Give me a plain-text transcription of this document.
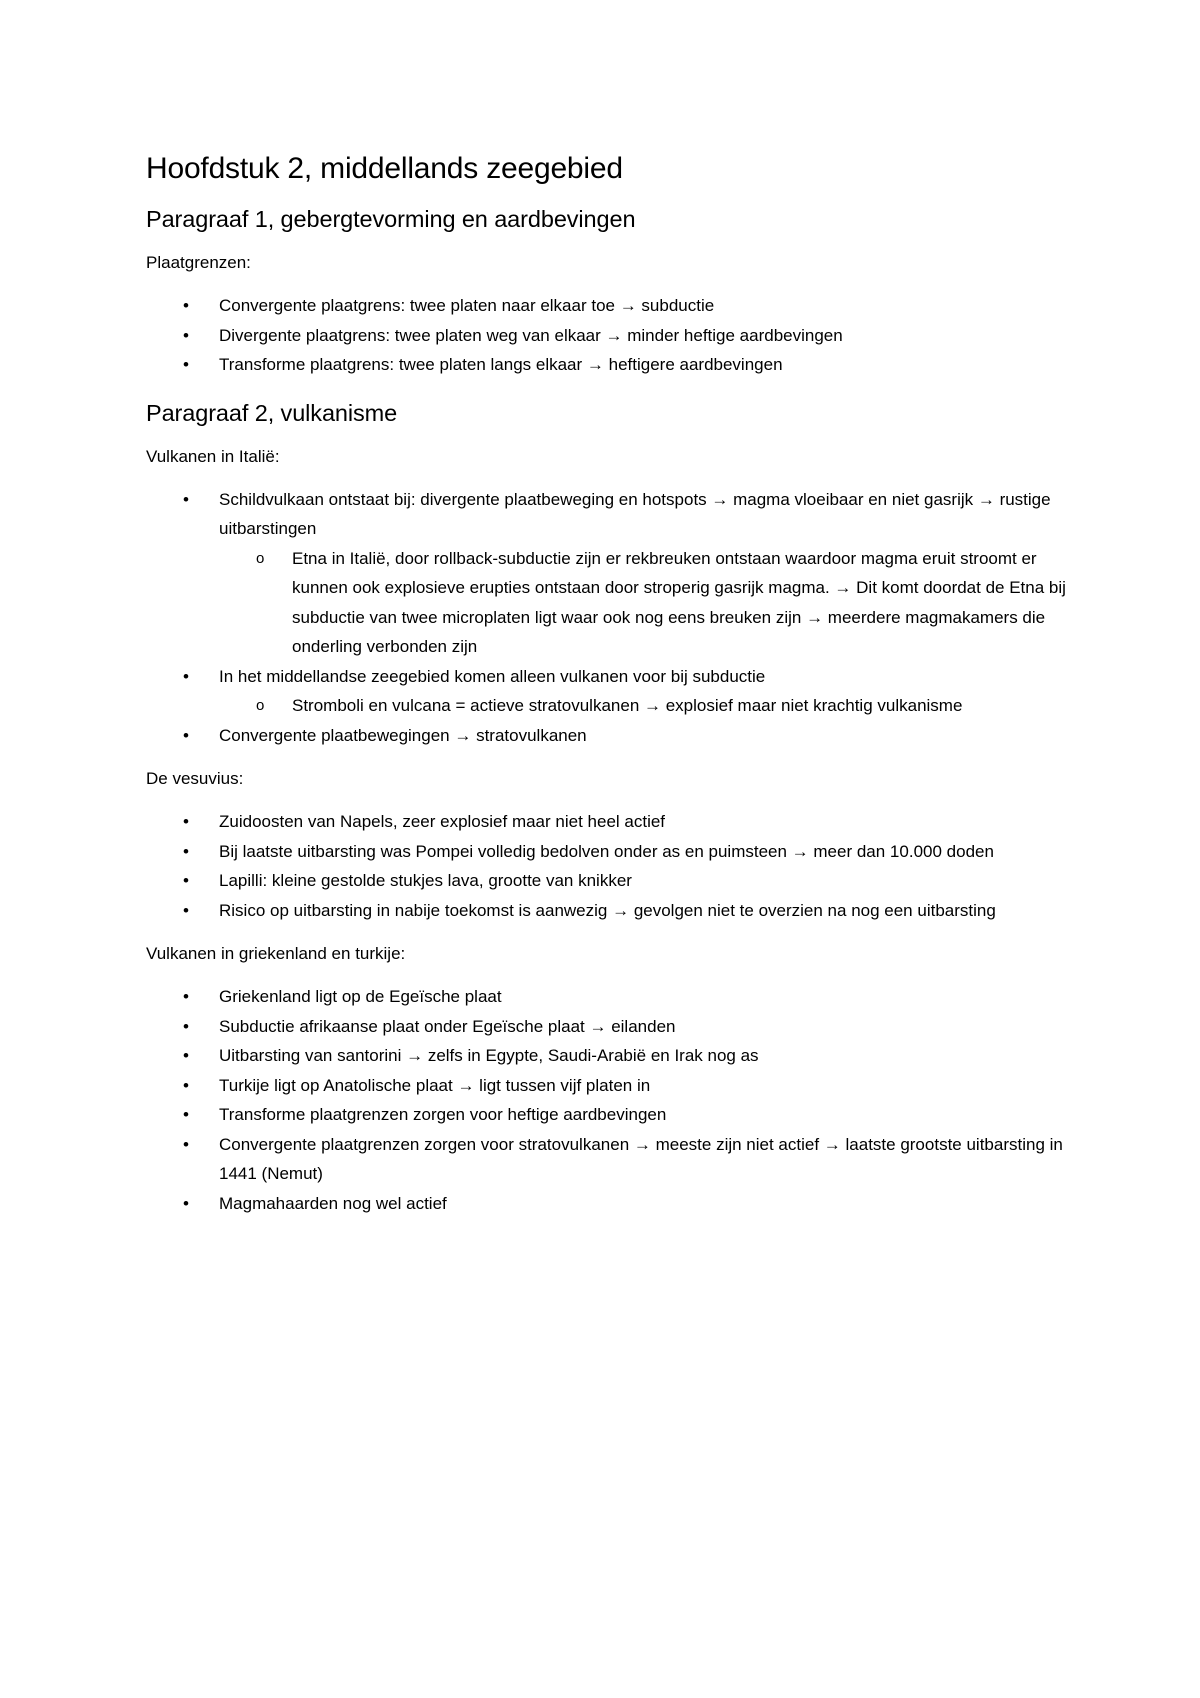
Hoofdstuk 2, middellands zeegebied
Paragraaf 1, gebergtevorming en aardbevingen

Plaatgrenzen:

• Convergente plaatgrens: twee platen naar elkaar toe → subductie
• Divergente plaatgrens: twee platen weg van elkaar → minder heftige aardbevingen
• Transforme plaatgrens: twee platen langs elkaar → heftigere aardbevingen
Paragraaf 2, vulkanisme

Vulkanen in Italië:

• Schildvulkaan ontstaat bij: divergente plaatbeweging en hotspots → magma vloeibaar en niet gasrijk → rustige uitbarstingen
o Etna in Italië, door rollback-subductie zijn er rekbreuken ontstaan waardoor magma eruit stroomt er kunnen ook explosieve erupties ontstaan door stroperig gasrijk magma. → Dit komt doordat de Etna bij subductie van twee microplaten ligt waar ook nog eens breuken zijn → meerdere magmakamers die onderling verbonden zijn
• In het middellandse zeegebied komen alleen vulkanen voor bij subductie
o Stromboli en vulcana = actieve stratovulkanen → explosief maar niet krachtig vulkanisme
• Convergente plaatbewegingen → stratovulkanen

De vesuvius:

• Zuidoosten van Napels, zeer explosief maar niet heel actief
• Bij laatste uitbarsting was Pompei volledig bedolven onder as en puimsteen → meer dan 10.000 doden
• Lapilli: kleine gestolde stukjes lava, grootte van knikker
• Risico op uitbarsting in nabije toekomst is aanwezig → gevolgen niet te overzien na nog een uitbarsting

Vulkanen in griekenland en turkije:

• Griekenland ligt op de Egeïsche plaat
• Subductie afrikaanse plaat onder Egeïsche plaat → eilanden
• Uitbarsting van santorini → zelfs in Egypte, Saudi-Arabië en Irak nog as
• Turkije ligt op Anatolische plaat → ligt tussen vijf platen in
• Transforme plaatgrenzen zorgen voor heftige aardbevingen
• Convergente plaatgrenzen zorgen voor stratovulkanen → meeste zijn niet actief → laatste grootste uitbarsting in 1441 (Nemut)
• Magmahaarden nog wel actief
